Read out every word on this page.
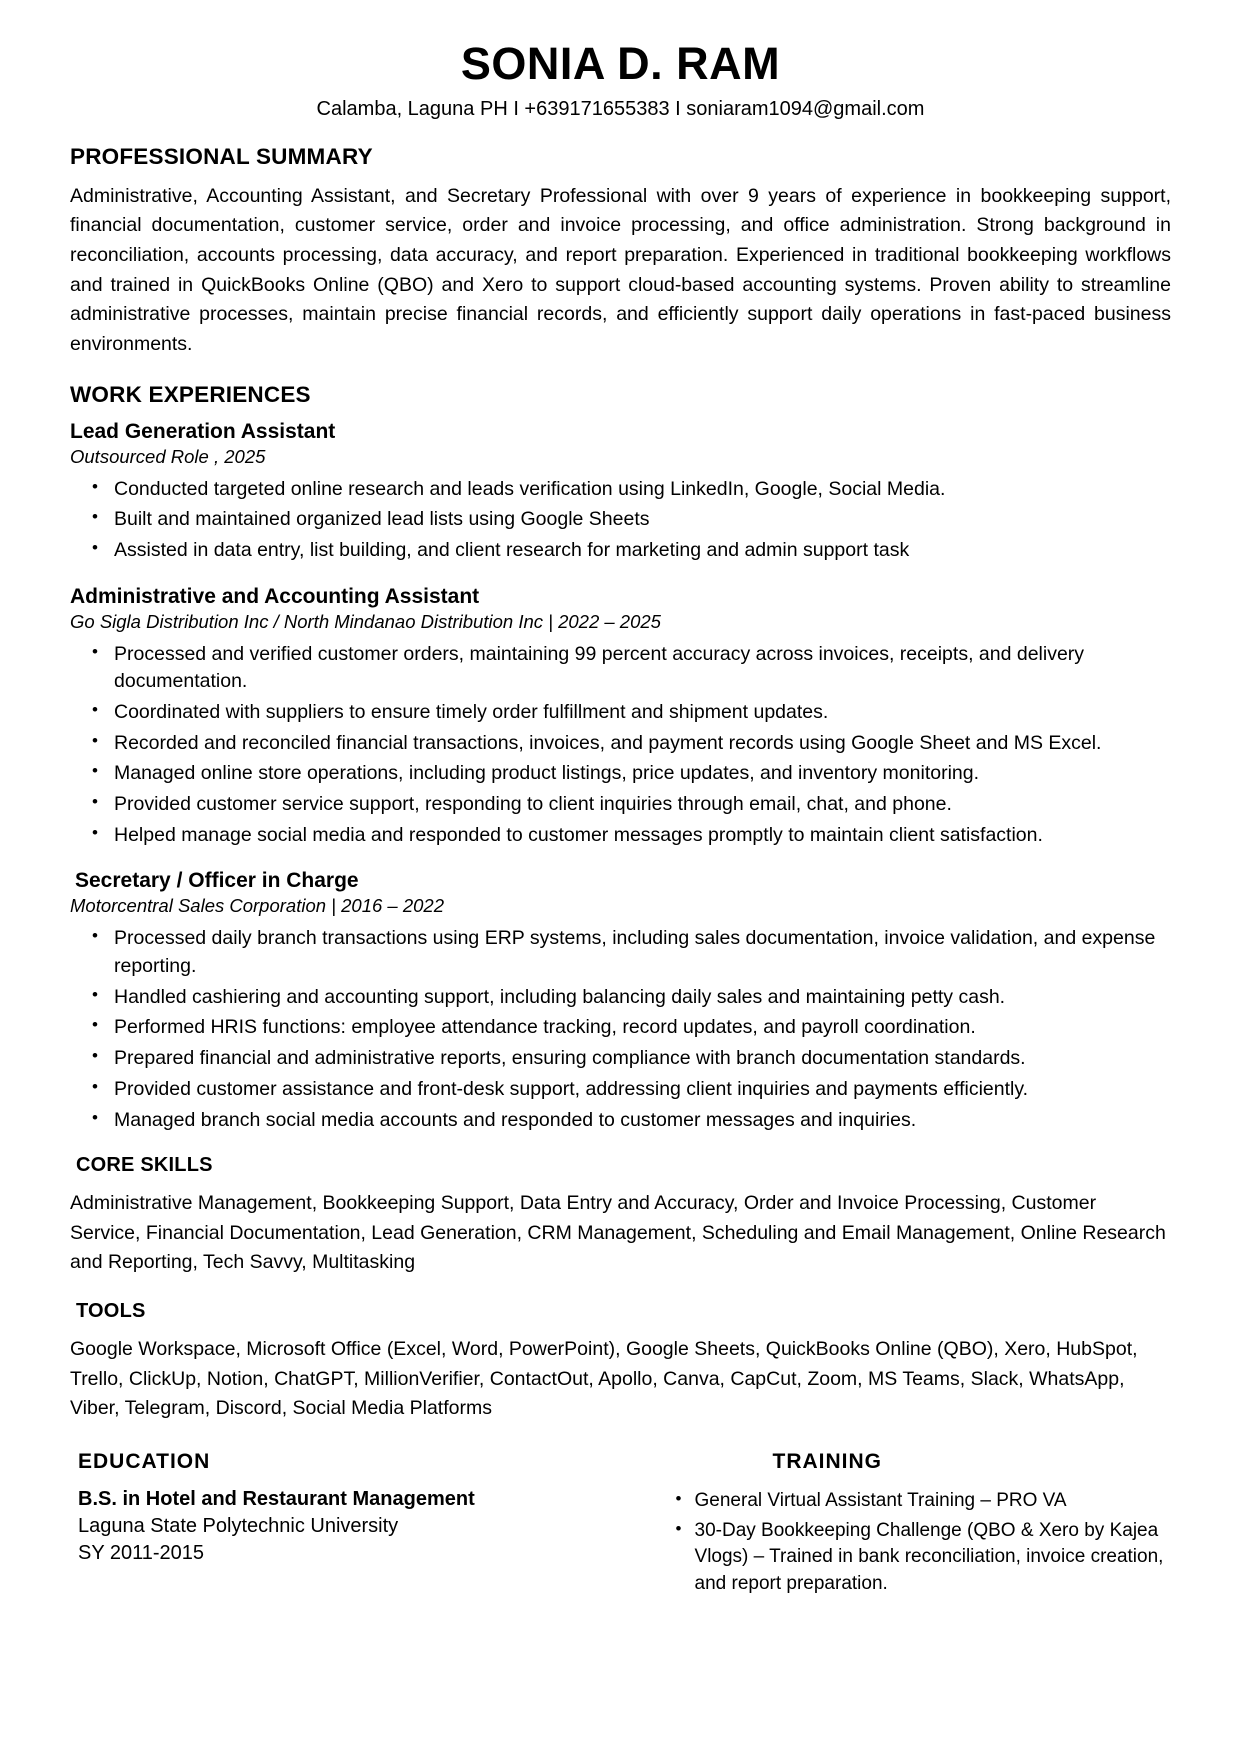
SONIA D. RAM
Calamba, Laguna PH I +639171655383 I soniaram1094@gmail.com
PROFESSIONAL SUMMARY

Administrative, Accounting Assistant, and Secretary Professional with over 9 years of experience in bookkeeping support, financial documentation, customer service, order and invoice processing, and office administration. Strong background in reconciliation, accounts processing, data accuracy, and report preparation. Experienced in traditional bookkeeping workflows and trained in QuickBooks Online (QBO) and Xero to support cloud-based accounting systems. Proven ability to streamline administrative processes, maintain precise financial records, and efficiently support daily operations in fast-paced business environments.

WORK EXPERIENCES
Lead Generation Assistant
Outsourced Role , 2025
• Conducted targeted online research and leads verification using LinkedIn, Google, Social Media.
• Built and maintained organized lead lists using Google Sheets
• Assisted in data entry, list building, and client research for marketing and admin support task
Administrative and Accounting Assistant
Go Sigla Distribution Inc / North Mindanao Distribution Inc | 2022 – 2025
• Processed and verified customer orders, maintaining 99 percent accuracy across invoices, receipts, and delivery documentation.
• Coordinated with suppliers to ensure timely order fulfillment and shipment updates.
• Recorded and reconciled financial transactions, invoices, and payment records using Google Sheet and MS Excel.
• Managed online store operations, including product listings, price updates, and inventory monitoring.
• Provided customer service support, responding to client inquiries through email, chat, and phone.
• Helped manage social media and responded to customer messages promptly to maintain client satisfaction.
Secretary / Officer in Charge
Motorcentral Sales Corporation | 2016 – 2022
• Processed daily branch transactions using ERP systems, including sales documentation, invoice validation, and expense reporting.
• Handled cashiering and accounting support, including balancing daily sales and maintaining petty cash.
• Performed HRIS functions: employee attendance tracking, record updates, and payroll coordination.
• Prepared financial and administrative reports, ensuring compliance with branch documentation standards.
• Provided customer assistance and front-desk support, addressing client inquiries and payments efficiently.
• Managed branch social media accounts and responded to customer messages and inquiries.
CORE SKILLS

Administrative Management, Bookkeeping Support, Data Entry and Accuracy, Order and Invoice Processing, Customer Service, Financial Documentation, Lead Generation, CRM Management, Scheduling and Email Management, Online Research and Reporting, Tech Savvy, Multitasking

TOOLS

Google Workspace, Microsoft Office (Excel, Word, PowerPoint), Google Sheets, QuickBooks Online (QBO), Xero, HubSpot, Trello, ClickUp, Notion, ChatGPT, MillionVerifier, ContactOut, Apollo, Canva, CapCut, Zoom, MS Teams, Slack, WhatsApp, Viber, Telegram, Discord, Social Media Platforms

EDUCATION
B.S. in Hotel and Restaurant Management
Laguna State Polytechnic University
SY 2011-2015
TRAINING
• General Virtual Assistant Training – PRO VA
• 30-Day Bookkeeping Challenge (QBO & Xero by Kajea Vlogs) – Trained in bank reconciliation, invoice creation, and report preparation.
